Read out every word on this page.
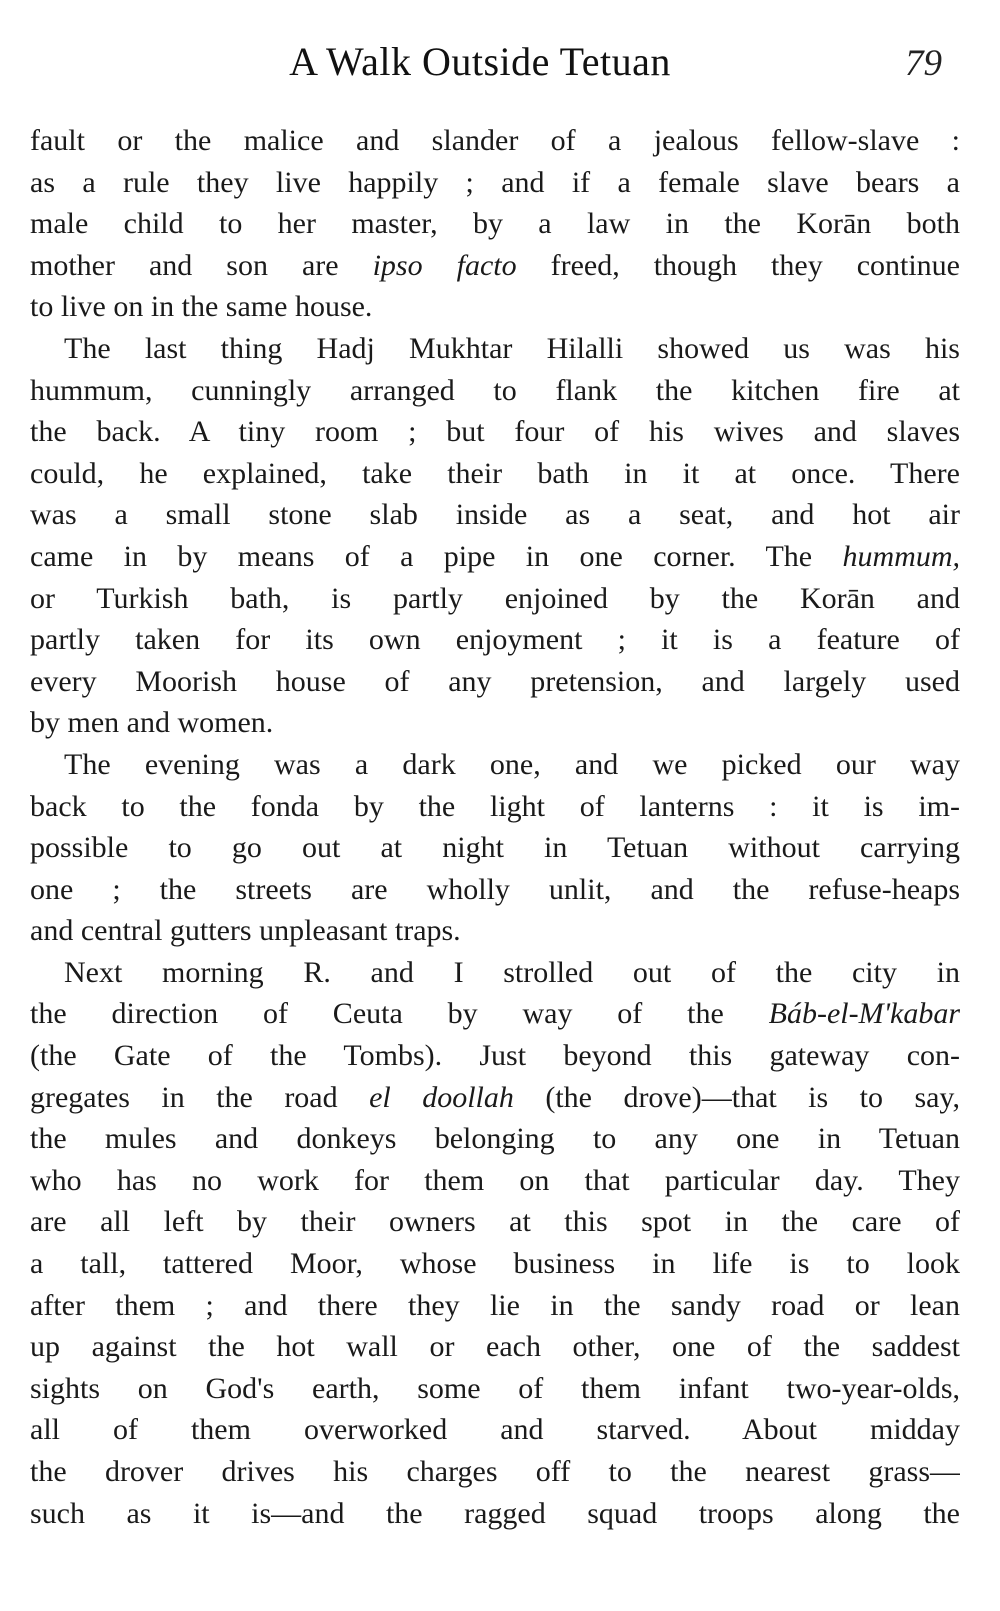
A Walk Outside Tetuan	79
fault or the malice and slander of a jealous fellow-slave :
as a rule they live happily ; and if a female slave bears a
male child to her master, by a law in the Korān both
mother and son are ipso facto freed, though they continue
to live on in the same house.
The last thing Hadj Mukhtar Hilalli showed us was his
hummum, cunningly arranged to flank the kitchen fire at
the back. A tiny room ; but four of his wives and slaves
could, he explained, take their bath in it at once. There
was a small stone slab inside as a seat, and hot air
came in by means of a pipe in one corner. The hummum,
or Turkish bath, is partly enjoined by the Korān and
partly taken for its own enjoyment ; it is a feature of
every Moorish house of any pretension, and largely used
by men and women.
The evening was a dark one, and we picked our way
back to the fonda by the light of lanterns : it is im-
possible to go out at night in Tetuan without carrying
one ; the streets are wholly unlit, and the refuse-heaps
and central gutters unpleasant traps.
Next morning R. and I strolled out of the city in
the direction of Ceuta by way of the Báb-el-M'kabar
(the Gate of the Tombs). Just beyond this gateway con-
gregates in the road el doollah (the drove)—that is to say,
the mules and donkeys belonging to any one in Tetuan
who has no work for them on that particular day. They
are all left by their owners at this spot in the care of
a tall, tattered Moor, whose business in life is to look
after them ; and there they lie in the sandy road or lean
up against the hot wall or each other, one of the saddest
sights on God's earth, some of them infant two-year-olds,
all of them overworked and starved. About midday
the drover drives his charges off to the nearest grass—
such as it is—and the ragged squad troops along the
